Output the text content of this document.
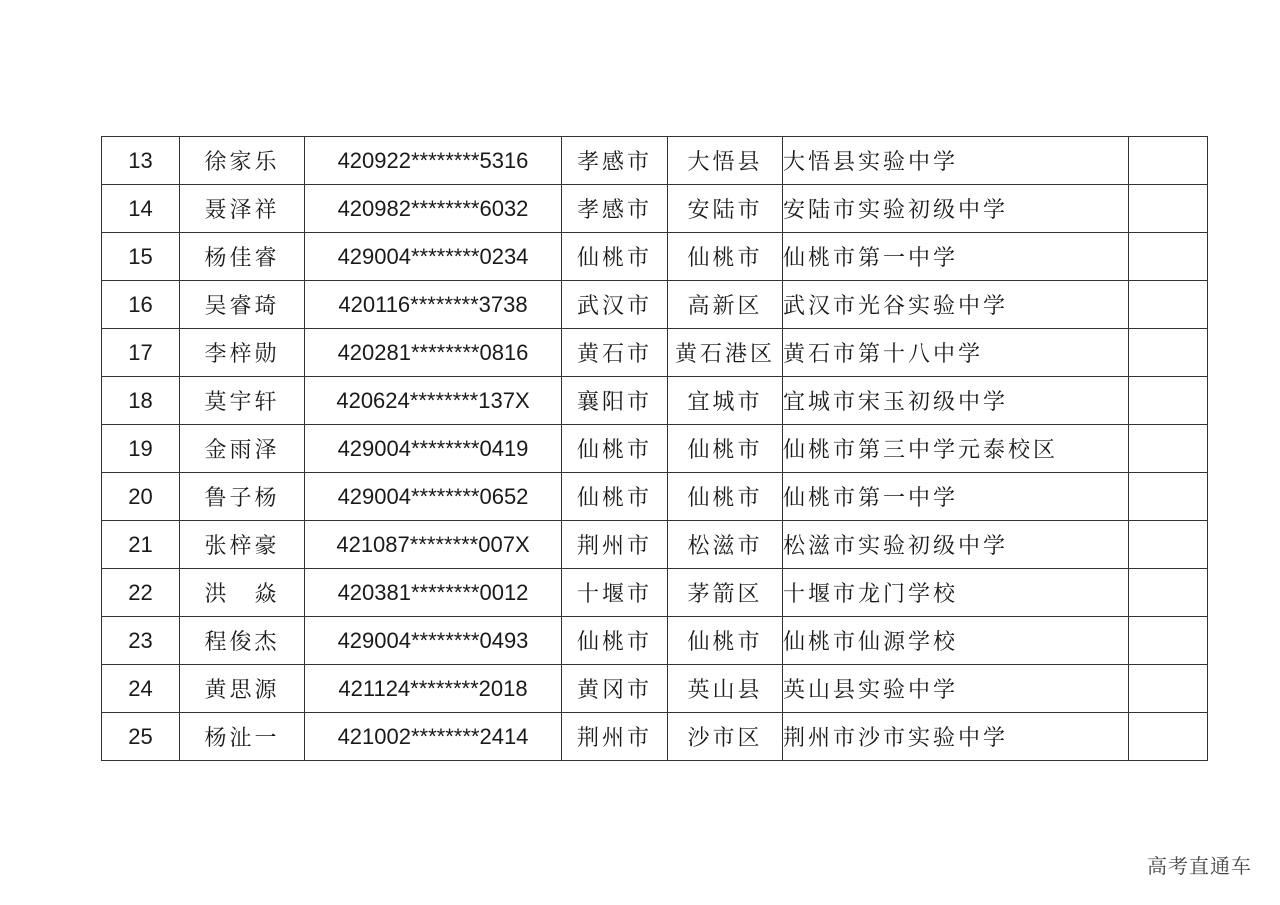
13	徐家乐	420922********5316	孝感市	大悟县	大悟县实验中学	
14	聂泽祥	420982********6032	孝感市	安陆市	安陆市实验初级中学	
15	杨佳睿	429004********0234	仙桃市	仙桃市	仙桃市第一中学	
16	吴睿琦	420116********3738	武汉市	高新区	武汉市光谷实验中学	
17	李梓勋	420281********0816	黄石市	黄石港区	黄石市第十八中学	
18	莫宇轩	420624********137X	襄阳市	宜城市	宜城市宋玉初级中学	
19	金雨泽	429004********0419	仙桃市	仙桃市	仙桃市第三中学元泰校区	
20	鲁子杨	429004********0652	仙桃市	仙桃市	仙桃市第一中学	
21	张梓豪	421087********007X	荆州市	松滋市	松滋市实验初级中学	
22	洪　焱	420381********0012	十堰市	茅箭区	十堰市龙门学校	
23	程俊杰	429004********0493	仙桃市	仙桃市	仙桃市仙源学校	
24	黄思源	421124********2018	黄冈市	英山县	英山县实验中学	
25	杨沚一	421002********2414	荆州市	沙市区	荆州市沙市实验中学	
高考直通车
